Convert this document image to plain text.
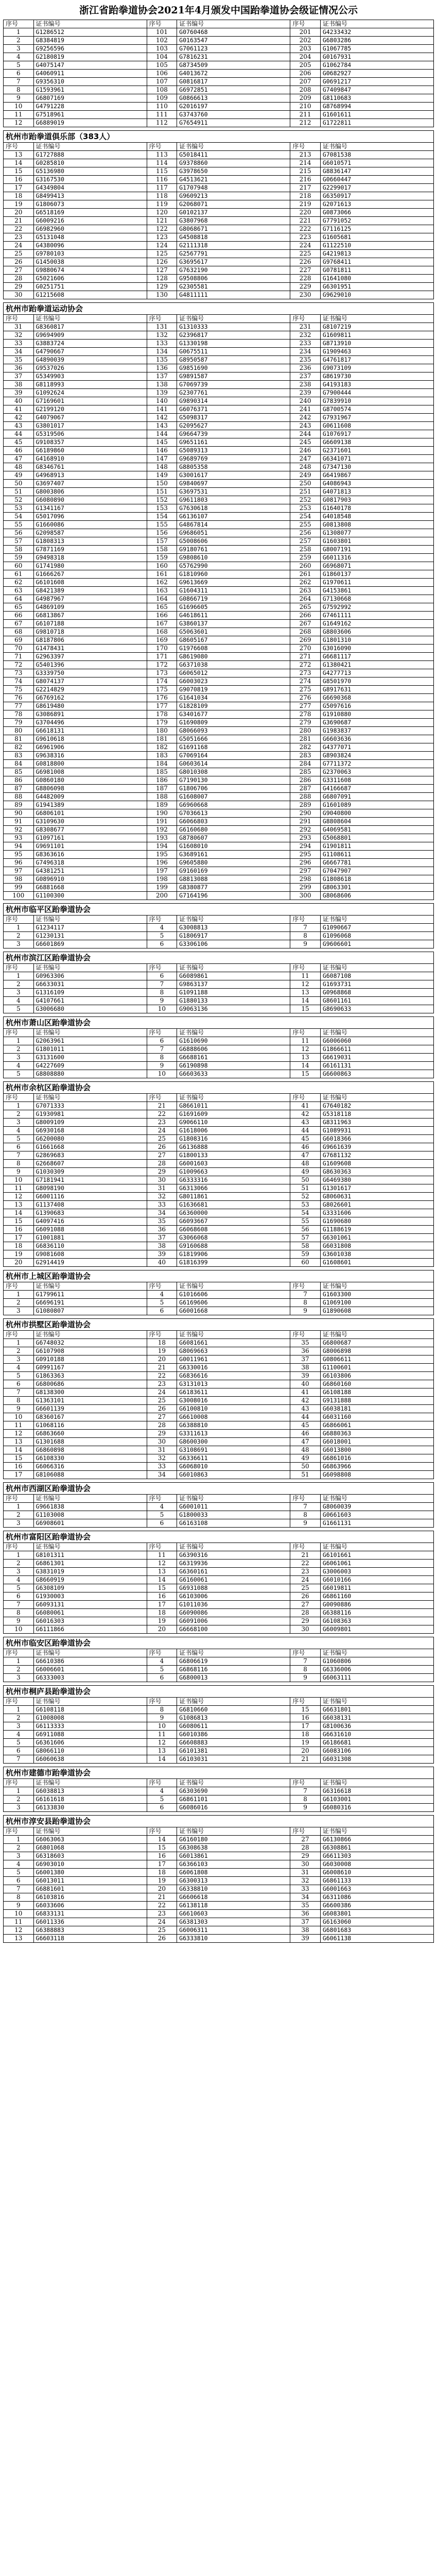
浙江省跆拳道协会2021年4月颁发中国跆拳道协会级证情况公示
序号	证书编号	序号	证书编号	序号	证书编号
1	G1286512	101	G0760468	201	G4233432
2	G8384819	102	G0163547	202	G6803286
3	G9256596	103	G7061123	203	G1067785
4	G2180819	104	G7816231	204	G0167931
5	G4075147	105	G8734509	205	G1062784
6	G4060911	106	G4013672	206	G0682927
7	G9356310	107	G0816817	207	G0691217
8	G1593961	108	G6972851	208	G7409847
9	G6807169	109	G0866613	209	G8110683
10	G4791228	110	G2016197	210	G8768994
11	G7518961	111	G3743760	211	G1601611
12	G6889019	112	G7654911	212	G1722811
杭州市跆拳道俱乐部（383人）
序号	证书编号	序号	证书编号	序号	证书编号
13	G1727888	113	G5018411	213	G7081538
14	G0285810	114	G9378860	214	G6010571
15	G5136980	115	G3978650	215	G8836147
16	G3167530	116	G4513621	216	G0660447
17	G4349804	117	G1707948	217	G2299017
18	G8499413	118	G9609213	218	G6350917
19	G1806073	119	G2068071	219	G2071613
20	G6518169	120	G0102137	220	G0873066
21	G6009216	121	G3807968	221	G7791052
22	G6982960	122	G8068671	222	G7116125
23	G5131048	123	G4508818	223	G1605681
24	G4380096	124	G2111318	224	G1122510
25	G9780103	125	G2567791	225	G4219813
26	G1450038	126	G3695617	226	G9768411
27	G9880674	127	G7632190	227	G0781811
28	G5021606	128	G9508806	228	G1641080
29	G0251751	129	G2305581	229	G6301951
30	G1215608	130	G4811111	230	G9629010
杭州市跆拳道运动协会
序号	证书编号	序号	证书编号	序号	证书编号
31	G8360817	131	G1310333	231	G8107219
32	G9694909	132	G2396817	232	G1609811
33	G3883724	133	G1330198	233	G8713910
34	G4790667	134	G0675511	234	G1909463
35	G4890039	135	G8950587	235	G4761817
36	G9537026	136	G9851690	236	G9073109
37	G5349903	137	G9891587	237	G8619730
38	G8118993	138	G7069739	238	G4193183
39	G1092624	139	G2307761	239	G7900444
40	G7169601	140	G9890314	240	G7839910
41	G2199120	141	G6076371	241	G8700574
42	G4079067	142	G5098317	242	G7931967
43	G3801017	143	G2095627	243	G0611608
44	G5319506	144	G9664739	244	G1076917
45	G9108357	145	G9651161	245	G6609138
46	G6189860	146	G5089313	246	G2371601
47	G4168910	147	G9689769	247	G6341071
48	G8346761	148	G8805358	248	G7347130
49	G4968913	149	G3001617	249	G6419867
50	G3697407	150	G9840697	250	G4086943
51	G8003806	151	G3697531	251	G4071813
52	G6080890	152	G9611803	252	G0817903
53	G1341167	153	G7630618	253	G1640178
54	G5017096	154	G6136107	254	G4018548
55	G1660086	155	G4867814	255	G0813808
56	G2098587	156	G9686051	256	G1308077
57	G1808313	157	G5008606	257	G1603801
58	G7871169	158	G9180761	258	G8007191
59	G9498318	159	G9808610	259	G6011316
60	G1741980	160	G5762990	260	G6968071
61	G1666267	161	G1810960	261	G1860137
62	G6101608	162	G9613669	262	G1970611
63	G8421389	163	G1604311	263	G4153861
64	G4987967	164	G0866719	264	G7130668
65	G4869109	165	G1696605	265	G7592992
66	G6813867	166	G4618611	266	G7461111
67	G6107188	167	G3860137	267	G1649162
68	G9810718	168	G5063601	268	G8803606
69	G8187806	169	G8605167	269	G1801310
70	G1478431	170	G1976608	270	G3016090
71	G2963397	171	G8619080	271	G6681117
72	G5401396	172	G6371038	272	G1380421
73	G3339750	173	G6065012	273	G4277713
74	G8074137	174	G6003023	274	G8501970
75	G2214829	175	G9070819	275	G8917631
76	G6769162	176	G1641034	276	G6690368
77	G8619480	177	G1828109	277	G5097616
78	G3086891	178	G3401677	278	G1910880
79	G3704496	179	G1690809	279	G3690687
80	G6618131	180	G8066093	280	G1983837
81	G9610618	181	G5051666	281	G6603636
82	G6961906	182	G1691168	282	G4377071
83	G9638316	183	G7069164	283	G8903824
84	G0818800	184	G0603614	284	G7711372
85	G6981008	185	G8010308	285	G2370063
86	G0860180	186	G7190130	286	G3311608
87	G8806098	187	G1806706	287	G4166687
88	G4482009	188	G1608007	288	G6807091
89	G1941389	189	G6960668	289	G1601089
90	G6806101	190	G7036613	290	G9040800
91	G3109630	191	G6066803	291	G8808604
92	G8308677	192	G6160680	292	G4069581
93	G1097161	193	G8780607	293	G5068801
94	G9691101	194	G1608010	294	G1901811
95	G8363616	195	G3689161	295	G1108611
96	G7496318	196	G9605880	296	G6667781
97	G4381251	197	G9160169	297	G7047907
98	G0896910	198	G8813088	298	G1808618
99	G6881668	199	G8380877	299	G8063301
100	G1100300	200	G7164196	300	G8068606
杭州市临平区跆拳道协会
序号	证书编号	序号	证书编号	序号	证书编号
1	G1234117	4	G3008813	7	G1090667
2	G1230131	5	G1806917	8	G1096068
3	G6601869	6	G3306106	9	G9606601
杭州市滨江区跆拳道协会
序号	证书编号	序号	证书编号	序号	证书编号
1	G0963306	6	G6089861	11	G6087108
2	G6633031	7	G9863137	12	G1693731
3	G1316109	8	G1091188	13	G0968868
4	G4107661	9	G1880133	14	G8601161
5	G3006680	10	G9063136	15	G8690633
杭州市萧山区跆拳道协会
序号	证书编号	序号	证书编号	序号	证书编号
1	G2063961	6	G1610690	11	G6006060
2	G1801011	7	G6888606	12	G1866611
3	G3131600	8	G6688161	13	G6619031
4	G4227609	9	G6190898	14	G6161131
5	G8808880	10	G6603633	15	G6600863
杭州市余杭区跆拳道协会
序号	证书编号	序号	证书编号	序号	证书编号
1	G7071333	21	G8661011	41	G7640182
2	G1930981	22	G1691609	42	G5318118
3	G8009109	23	G9066110	43	G8311963
4	G6930168	24	G1618006	44	G1089931
5	G6200080	25	G1808316	45	G6018366
6	G1661668	26	G6136888	46	G9661639
7	G2869683	27	G1800133	47	G7681132
8	G2668607	28	G6001603	48	G1609608
9	G1030309	29	G1009663	49	G8630363
10	G7181941	30	G6333316	50	G6469380
11	G8098190	31	G6313066	51	G1301617
12	G6001116	32	G8011861	52	G8060631
13	G1137408	33	G1636681	53	G8026601
14	G1390683	34	G6360000	54	G3331606
15	G4097416	35	G6093667	55	G1690680
16	G6091088	36	G6068608	56	G1188619
17	G1001881	37	G3066068	57	G6301061
18	G6836110	38	G9160688	58	G6031808
19	G9081608	39	G1819906	59	G3601038
20	G2914419	40	G1816399	60	G1608601
杭州市上城区跆拳道协会
序号	证书编号	序号	证书编号	序号	证书编号
1	G1799611	4	G1016606	7	G1603300
2	G6696191	5	G6169606	8	G1069100
3	G1080807	6	G6001668	9	G1890608
杭州市拱墅区跆拳道协会
序号	证书编号	序号	证书编号	序号	证书编号
1	G6748032	18	G6081661	35	G6800687
2	G6107908	19	G8069663	36	G8006898
3	G0910188	20	G0011961	37	G0806611
4	G0991167	21	G6330016	38	G1100601
5	G1863363	22	G6836616	39	G6103806
6	G6800686	23	G3131013	40	G6860160
7	G8138300	24	G6183611	41	G6108188
8	G1363101	25	G3008016	42	G9131888
9	G6601139	26	G6100810	43	G6038181
10	G8360167	27	G6610008	44	G6031160
11	G1068116	28	G6388810	45	G6866061
12	G6863660	29	G3311613	46	G6880363
13	G1301688	30	G8600300	47	G6018001
14	G6860898	31	G3108691	48	G6013800
15	G6108330	32	G6336611	49	G6861016
16	G6066316	33	G6068010	50	G6863966
17	G8106088	34	G6010863	51	G6098808
杭州市西湖区跆拳道协会
序号	证书编号	序号	证书编号	序号	证书编号
1	G9661838	4	G6001011	7	G8060039
2	G1103008	5	G1800033	8	G0661603
3	G6908601	6	G6163108	9	G1661131
杭州市富阳区跆拳道协会
序号	证书编号	序号	证书编号	序号	证书编号
1	G8101311	11	G6390316	21	G6101661
2	G6861301	12	G6319936	22	G6061061
3	G3831019	13	G6360161	23	G3006003
4	G8660919	14	G6160061	24	G6010166
5	G6308109	15	G6931088	25	G6019811
6	G1930003	16	G6103006	26	G6861160
7	G6093131	17	G1011036	27	G0090886
8	G6080061	18	G6090086	28	G6388116
9	G6016303	19	G6091006	29	G6108363
10	G6111866	20	G6668100	30	G6009801
杭州市临安区跆拳道协会
序号	证书编号	序号	证书编号	序号	证书编号
1	G6610386	4	G6806619	7	G1060806
2	G6006601	5	G6868116	8	G6336006
3	G6333003	6	G6800013	9	G6063111
杭州市桐庐县跆拳道协会
序号	证书编号	序号	证书编号	序号	证书编号
1	G6108118	8	G6810660	15	G6631801
2	G1008008	9	G1086813	16	G6038131
3	G6113333	10	G6080611	17	G8100636
4	G6911088	11	G6010386	18	G6631610
5	G6361606	12	G6608883	19	G6186681
6	G8066110	13	G6101381	20	G6083106
7	G6060638	14	G6103031	21	G6031308
杭州市建德市跆拳道协会
序号	证书编号	序号	证书编号	序号	证书编号
1	G6038813	4	G6303690	7	G6316618
2	G6161618	5	G6861101	8	G6103001
3	G6133830	6	G6086016	9	G6080316
杭州市淳安县跆拳道协会
序号	证书编号	序号	证书编号	序号	证书编号
1	G6063063	14	G6160180	27	G6130866
2	G6801068	15	G6308638	28	G6308861
3	G6318603	16	G6013861	29	G6611303
4	G6903010	17	G6366103	30	G6030008
5	G6001380	18	G6061808	31	G6008610
6	G6013011	19	G6300313	32	G6861133
7	G6881601	20	G6338810	33	G6001663
8	G6103816	21	G6606618	34	G6311086
9	G6033606	22	G6138118	35	G6600386
10	G6833131	23	G6610603	36	G6083801
11	G6011336	24	G6381303	37	G6163060
12	G6388883	25	G6006311	38	G6801683
13	G6603118	26	G6333810	39	G6061138
